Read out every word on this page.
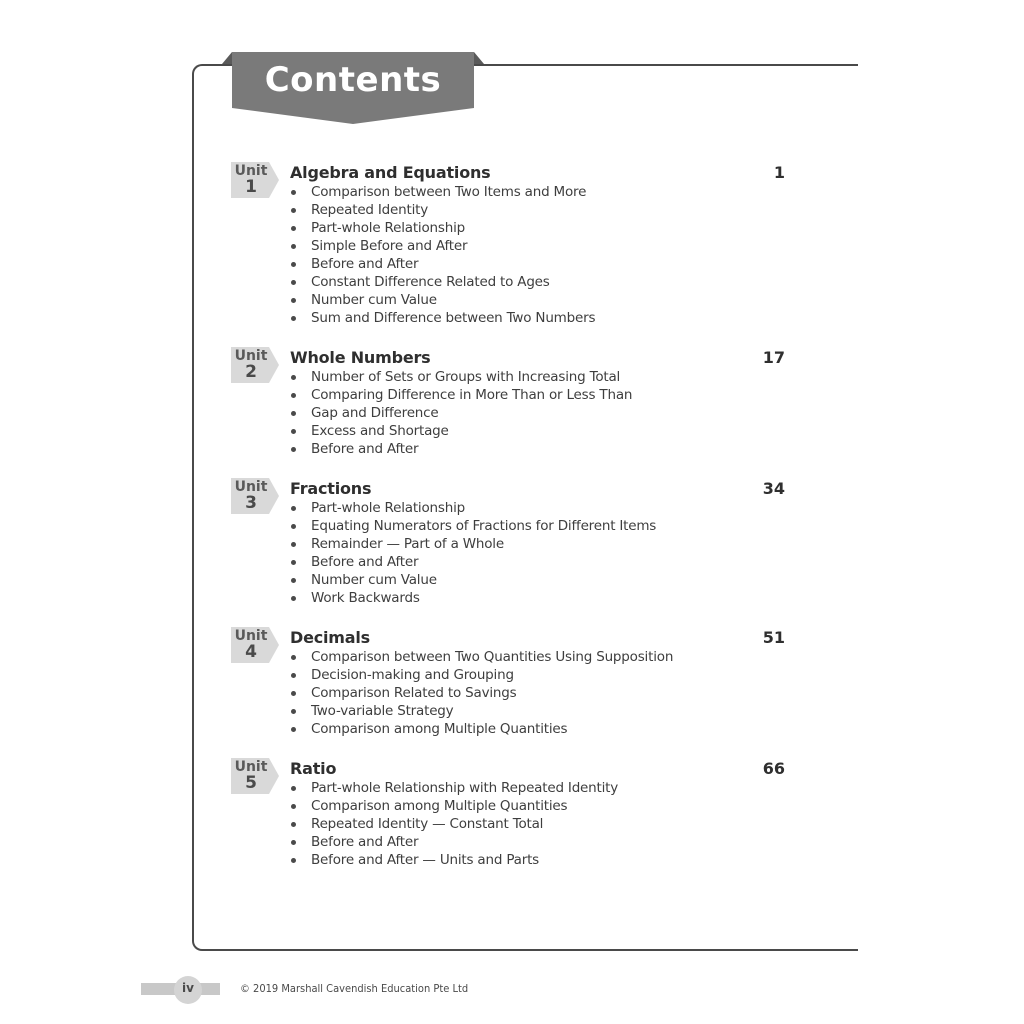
Contents
Unit
1
Algebra and Equations	1
Comparison between Two Items and More
Repeated Identity
Part-whole Relationship
Simple Before and After
Before and After
Constant Difference Related to Ages
Number cum Value
Sum and Difference between Two Numbers
Unit
2
Whole Numbers	17
Number of Sets or Groups with Increasing Total
Comparing Difference in More Than or Less Than
Gap and Difference
Excess and Shortage
Before and After
Unit
3
Fractions	34
Part-whole Relationship
Equating Numerators of Fractions for Different Items
Remainder — Part of a Whole
Before and After
Number cum Value
Work Backwards
Unit
4
Decimals	51
Comparison between Two Quantities Using Supposition
Decision-making and Grouping
Comparison Related to Savings
Two-variable Strategy
Comparison among Multiple Quantities
Unit
5
Ratio	66
Part-whole Relationship with Repeated Identity
Comparison among Multiple Quantities
Repeated Identity — Constant Total
Before and After
Before and After — Units and Parts
iv	© 2019 Marshall Cavendish Education Pte Ltd
